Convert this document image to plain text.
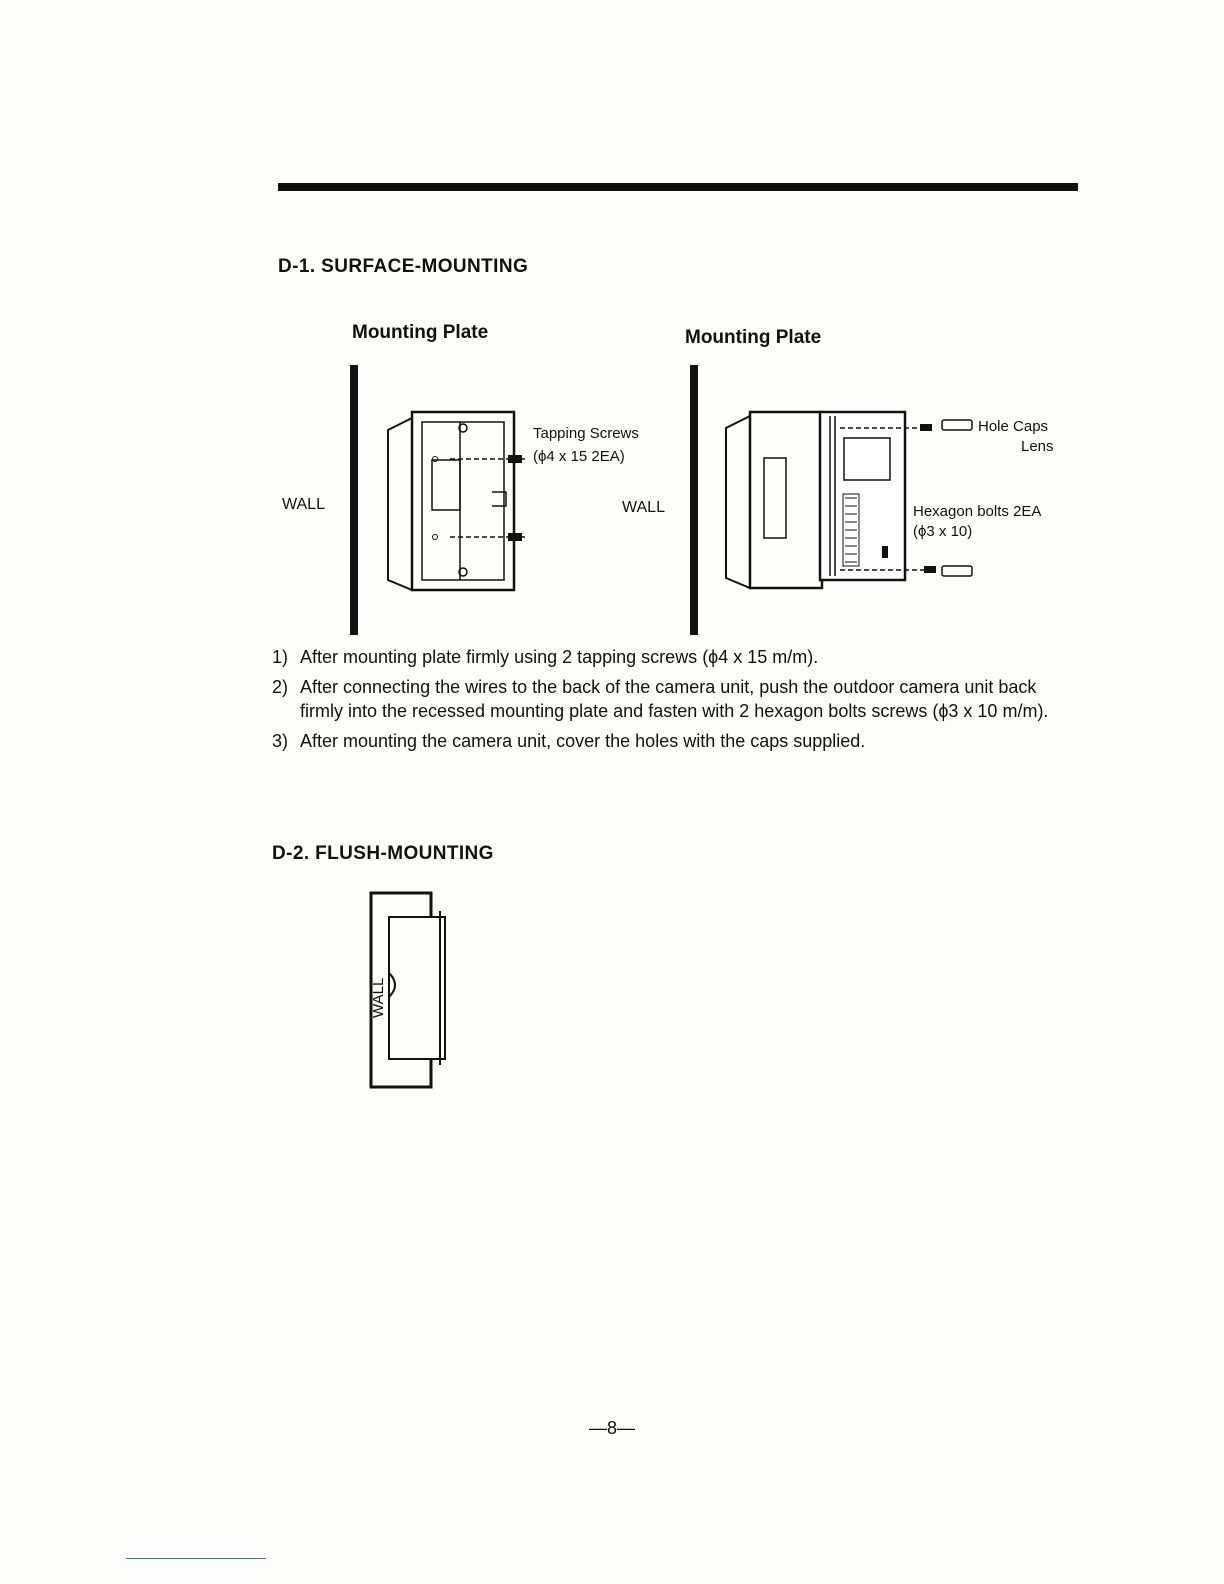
D-1. SURFACE-MOUNTING
Mounting Plate
WALL
Tapping Screws
(ϕ4 x 15 2EA)
Mounting Plate
WALL
Hole Caps
Lens
Hexagon bolts 2EA
(ϕ3 x 10)
1) After mounting plate firmly using 2 tapping screws (ϕ4 x 15 m/m).
2) After connecting the wires to the back of the camera unit, push the outdoor camera unit back firmly into the recessed mounting plate and fasten with 2 hexagon bolts screws (ϕ3 x 10 m/m).
3) After mounting the camera unit, cover the holes with the caps supplied.
D-2. FLUSH-MOUNTING
WALL
—8—
